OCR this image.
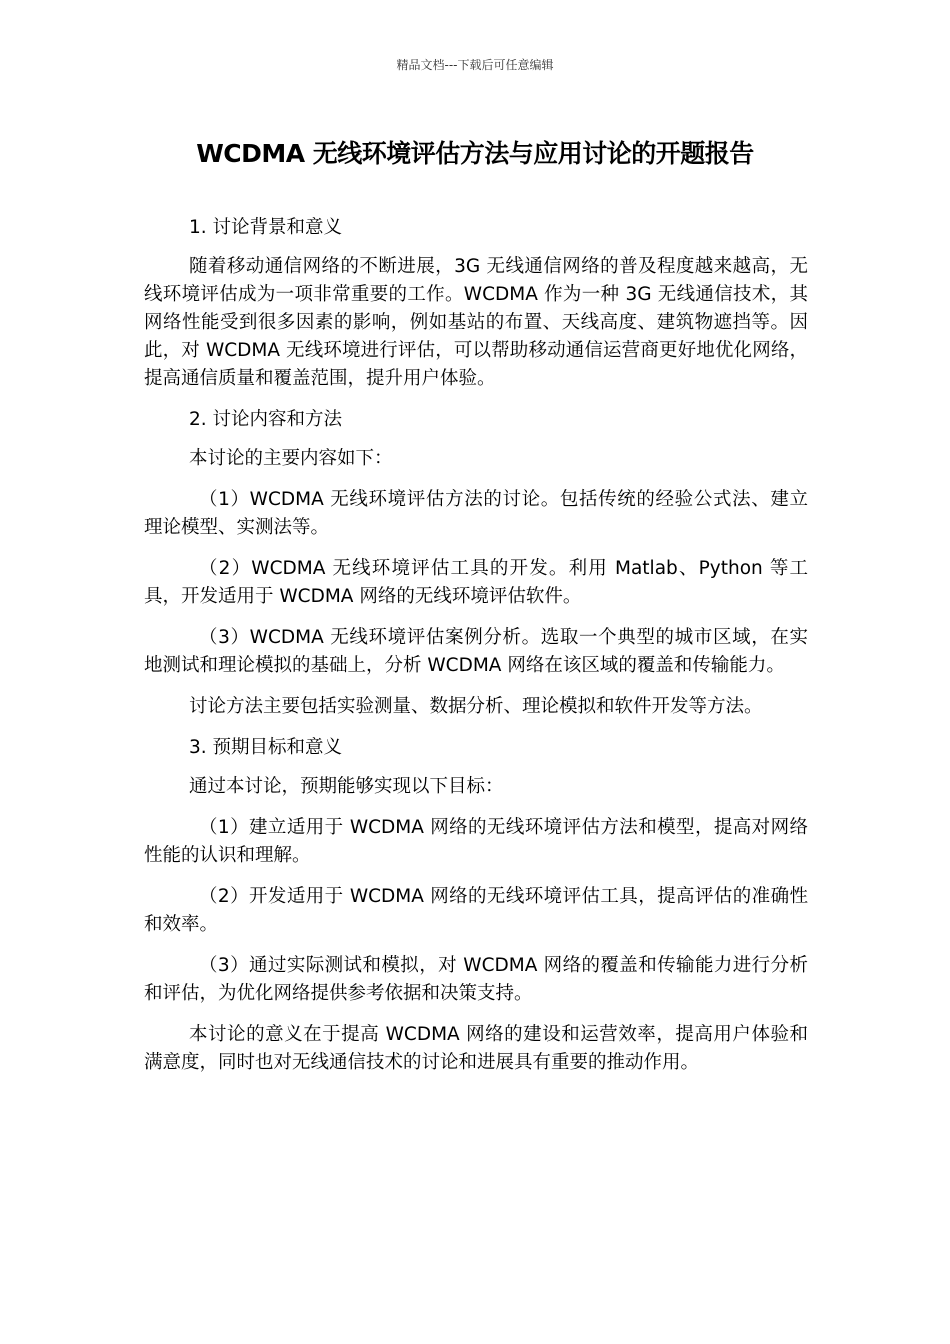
精品文档---下载后可任意编辑
WCDMA 无线环境评估方法与应用讨论的开题报告

1. 讨论背景和意义

随着移动通信网络的不断进展，3G 无线通信网络的普及程度越来越高，无线环境评估成为一项非常重要的工作。WCDMA 作为一种 3G 无线通信技术，其网络性能受到很多因素的影响，例如基站的布置、天线高度、建筑物遮挡等。因此，对 WCDMA 无线环境进行评估，可以帮助移动通信运营商更好地优化网络，提高通信质量和覆盖范围，提升用户体验。

2. 讨论内容和方法

本讨论的主要内容如下：

（1）WCDMA 无线环境评估方法的讨论。包括传统的经验公式法、建立理论模型、实测法等。

（2）WCDMA 无线环境评估工具的开发。利用 Matlab、Python 等工具，开发适用于 WCDMA 网络的无线环境评估软件。

（3）WCDMA 无线环境评估案例分析。选取一个典型的城市区域，在实地测试和理论模拟的基础上，分析 WCDMA 网络在该区域的覆盖和传输能力。

讨论方法主要包括实验测量、数据分析、理论模拟和软件开发等方法。

3. 预期目标和意义

通过本讨论，预期能够实现以下目标：

（1）建立适用于 WCDMA 网络的无线环境评估方法和模型，提高对网络性能的认识和理解。

（2）开发适用于 WCDMA 网络的无线环境评估工具，提高评估的准确性和效率。

（3）通过实际测试和模拟，对 WCDMA 网络的覆盖和传输能力进行分析和评估，为优化网络提供参考依据和决策支持。

本讨论的意义在于提高 WCDMA 网络的建设和运营效率，提高用户体验和满意度，同时也对无线通信技术的讨论和进展具有重要的推动作用。
